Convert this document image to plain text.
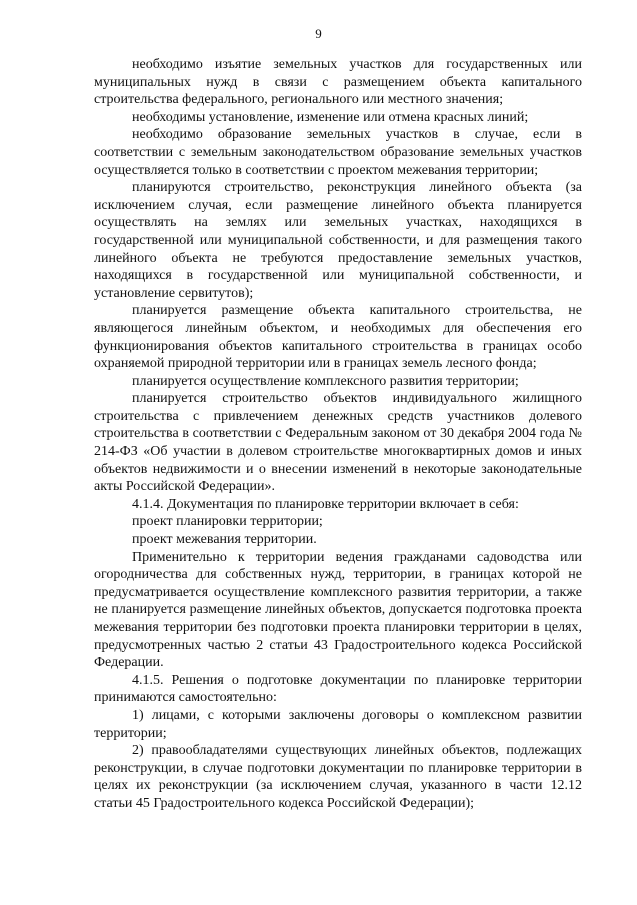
9

необходимо изъятие земельных участков для государственных или муниципальных нужд в связи с размещением объекта капитального строительства федерального, регионального или местного значения;

необходимы установление, изменение или отмена красных линий;

необходимо образование земельных участков в случае, если в соответствии с земельным законодательством образование земельных участков осуществляется только в соответствии с проектом межевания территории;

планируются строительство, реконструкция линейного объекта (за исключением случая, если размещение линейного объекта планируется осуществлять на землях или земельных участках, находящихся в государственной или муниципальной собственности, и для размещения такого линейного объекта не требуются предоставление земельных участков, находящихся в государственной или муниципальной собственности, и установление сервитутов);

планируется размещение объекта капитального строительства, не являющегося линейным объектом, и необходимых для обеспечения его функционирования объектов капитального строительства в границах особо охраняемой природной территории или в границах земель лесного фонда;

планируется осуществление комплексного развития территории;

планируется строительство объектов индивидуального жилищного строительства с привлечением денежных средств участников долевого строительства в соответствии с Федеральным законом от 30 декабря 2004 года № 214-ФЗ «Об участии в долевом строительстве многоквартирных домов и иных объектов недвижимости и о внесении изменений в некоторые законодательные акты Российской Федерации».

4.1.4. Документация по планировке территории включает в себя:

проект планировки территории;

проект межевания территории.

Применительно к территории ведения гражданами садоводства или огородничества для собственных нужд, территории, в границах которой не предусматривается осуществление комплексного развития территории, а также не планируется размещение линейных объектов, допускается подготовка проекта межевания территории без подготовки проекта планировки территории в целях, предусмотренных частью 2 статьи 43 Градостроительного кодекса Российской Федерации.

4.1.5. Решения о подготовке документации по планировке территории принимаются самостоятельно:

1) лицами, с которыми заключены договоры о комплексном развитии территории;

2) правообладателями существующих линейных объектов, подлежащих реконструкции, в случае подготовки документации по планировке территории в целях их реконструкции (за исключением случая, указанного в части 12.12 статьи 45 Градостроительного кодекса Российской Федерации);
